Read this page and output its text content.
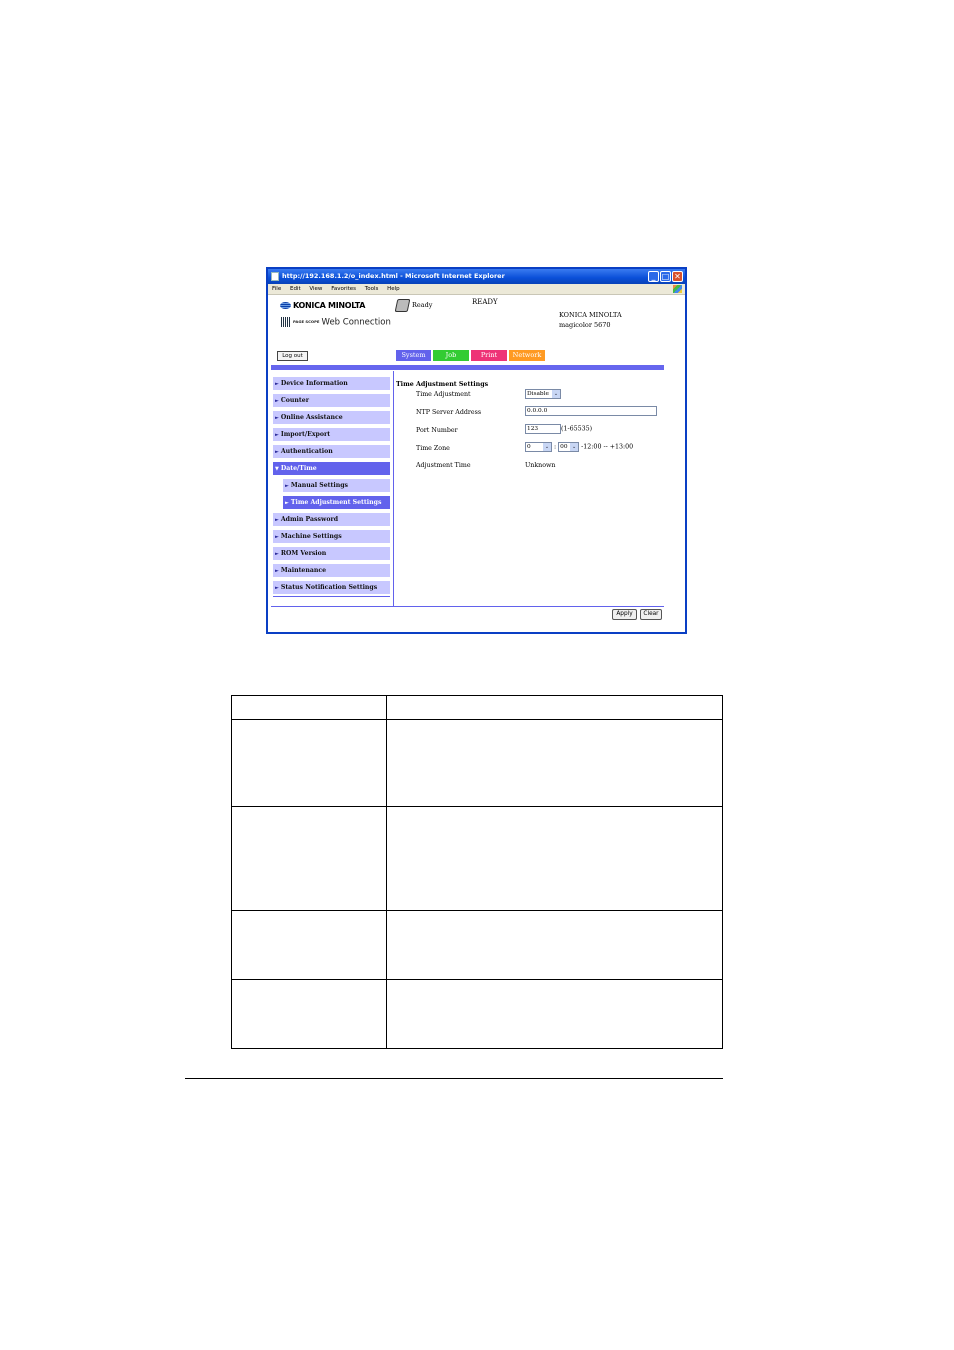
http://192.168.1.2/o_index.html - Microsoft Internet Explorer	_ □ ✕
File Edit View Favorites Tools Help
KONICA MINOLTA
PAGE SCOPE Web Connection
Ready	READY
KONICA MINOLTA
magicolor 5670
Log out	System	Job	Print	Network
► Device Information
► Counter
► Online Assistance
► Import/Export
► Authentication
▼ Date/Time
► Manual Settings
► Time Adjustment Settings
► Admin Password
► Machine Settings
► ROM Version
► Maintenance
► Status Notification Settings
Time Adjustment Settings
Time Adjustment	Disable ⌄
NTP Server Address	0.0.0.0
Port Number	123	(1-65535)
Time Zone	0	⌄ : 00 ⌄ -12:00 -- +13:00
Adjustment Time	Unknown
Apply	Clear
